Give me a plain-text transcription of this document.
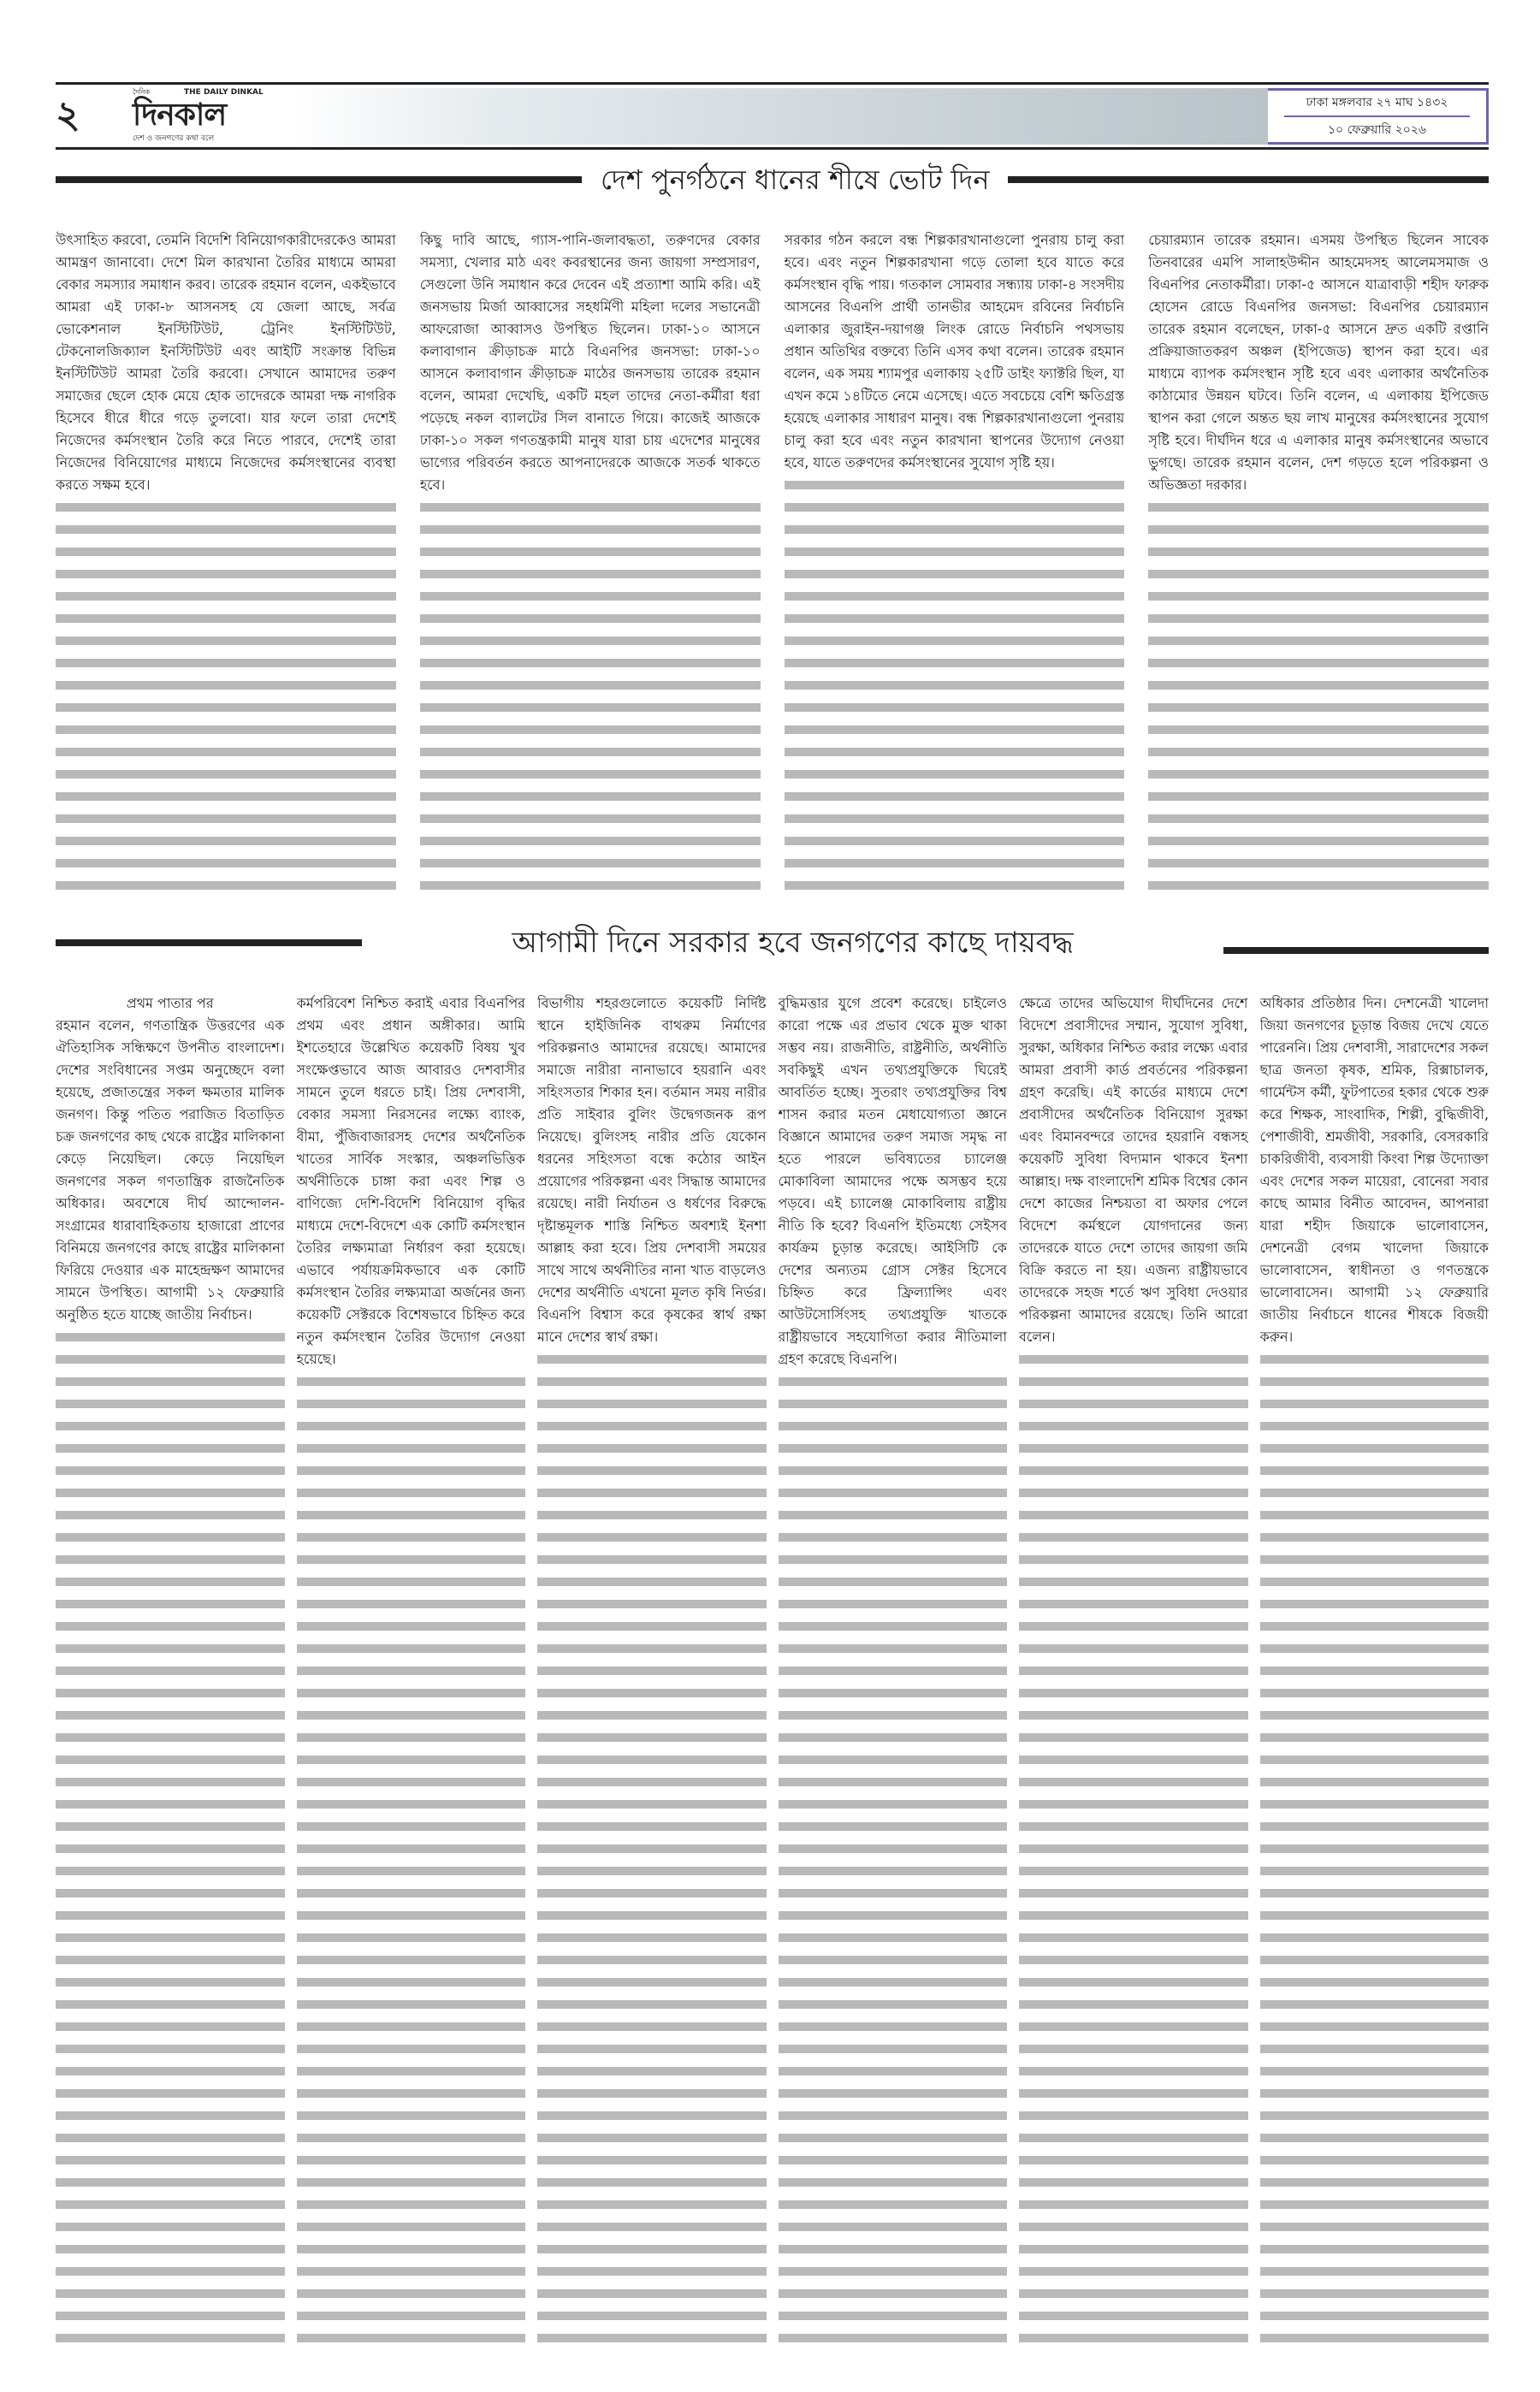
২
দৈনিক	THE DAILY DINKAL
দিনকাল
দেশ ও জনগণের কথা বলে
ঢাকা মঙ্গলবার ২৭ মাঘ ১৪৩২
১০ ফেব্রুয়ারি ২০২৬
দেশ পুনর্গঠনে ধানের শীষে ভোট দিন

উৎসাহিত করবো, তেমনি বিদেশি বিনিয়োগকারীদেরকেও আমরা আমন্ত্রণ জানাবো। দেশে মিল কারখানা তৈরির মাধ্যমে আমরা বেকার সমস্যার সমাধান করব। তারেক রহমান বলেন, একইভাবে আমরা এই ঢাকা-৮ আসনসহ যে জেলা আছে, সর্বত্র ভোকেশনাল ইনস্টিটিউট, ট্রেনিং ইনস্টিটিউট, টেকনোলজিক্যাল ইনস্টিটিউট এবং আইটি সংক্রান্ত বিভিন্ন ইনস্টিটিউট আমরা তৈরি করবো। সেখানে আমাদের তরুণ সমাজের ছেলে হোক মেয়ে হোক তাদেরকে আমরা দক্ষ নাগরিক হিসেবে ধীরে ধীরে গড়ে তুলবো। যার ফলে তারা দেশেই নিজেদের কর্মসংস্থান তৈরি করে নিতে পারবে, দেশেই তারা নিজেদের বিনিয়োগের মাধ্যমে নিজেদের কর্মসংস্থানের ব্যবস্থা করতে সক্ষম হবে।

কিছু দাবি আছে, গ্যাস-পানি-জলাবদ্ধতা, তরুণদের বেকার সমস্যা, খেলার মাঠ এবং কবরস্থানের জন্য জায়গা সম্প্রসারণ, সেগুলো উনি সমাধান করে দেবেন এই প্রত্যাশা আমি করি। এই জনসভায় মির্জা আব্বাসের সহধর্মিণী মহিলা দলের সভানেত্রী আফরোজা আব্বাসও উপস্থিত ছিলেন। ঢাকা-১০ আসনে কলাবাগান ক্রীড়াচক্র মাঠে বিএনপির জনসভা: ঢাকা-১০ আসনে কলাবাগান ক্রীড়াচক্র মাঠের জনসভায় তারেক রহমান বলেন, আমরা দেখেছি, একটি মহল তাদের নেতা-কর্মীরা ধরা পড়েছে নকল ব্যালটের সিল বানাতে গিয়ে। কাজেই আজকে ঢাকা-১০ সকল গণতন্ত্রকামী মানুষ যারা চায় এদেশের মানুষের ভাগ্যের পরিবর্তন করতে আপনাদেরকে আজকে সতর্ক থাকতে হবে।

সরকার গঠন করলে বন্ধ শিল্পকারখানাগুলো পুনরায় চালু করা হবে। এবং নতুন শিল্পকারখানা গড়ে তোলা হবে যাতে করে কর্মসংস্থান বৃদ্ধি পায়। গতকাল সোমবার সন্ধ্যায় ঢাকা-৪ সংসদীয় আসনের বিএনপি প্রার্থী তানভীর আহমেদ রবিনের নির্বাচনি এলাকার জুরাইন-দয়াগঞ্জ লিংক রোডে নির্বাচনি পথসভায় প্রধান অতিথির বক্তব্যে তিনি এসব কথা বলেন। তারেক রহমান বলেন, এক সময় শ্যামপুর এলাকায় ২৫টি ডাইং ফ্যাক্টরি ছিল, যা এখন কমে ১৪টিতে নেমে এসেছে। এতে সবচেয়ে বেশি ক্ষতিগ্রস্ত হয়েছে এলাকার সাধারণ মানুষ। বন্ধ শিল্পকারখানাগুলো পুনরায় চালু করা হবে এবং নতুন কারখানা স্থাপনের উদ্যোগ নেওয়া হবে, যাতে তরুণদের কর্মসংস্থানের সুযোগ সৃষ্টি হয়।

চেয়ারম্যান তারেক রহমান। এসময় উপস্থিত ছিলেন সাবেক তিনবারের এমপি সালাহউদ্দীন আহমেদসহ আলেমসমাজ ও বিএনপির নেতাকর্মীরা। ঢাকা-৫ আসনে যাত্রাবাড়ী শহীদ ফারুক হোসেন রোডে বিএনপির জনসভা: বিএনপির চেয়ারম্যান তারেক রহমান বলেছেন, ঢাকা-৫ আসনে দ্রুত একটি রপ্তানি প্রক্রিয়াজাতকরণ অঞ্চল (ইপিজেড) স্থাপন করা হবে। এর মাধ্যমে ব্যাপক কর্মসংস্থান সৃষ্টি হবে এবং এলাকার অর্থনৈতিক কাঠামোর উন্নয়ন ঘটবে। তিনি বলেন, এ এলাকায় ইপিজেড স্থাপন করা গেলে অন্তত ছয় লাখ মানুষের কর্মসংস্থানের সুযোগ সৃষ্টি হবে। দীর্ঘদিন ধরে এ এলাকার মানুষ কর্মসংস্থানের অভাবে ভুগছে। তারেক রহমান বলেন, দেশ গড়তে হলে পরিকল্পনা ও অভিজ্ঞতা দরকার।

আগামী দিনে সরকার হবে জনগণের কাছে দায়বদ্ধ

প্রথম পাতার পর

রহমান বলেন, গণতান্ত্রিক উত্তরণের এক ঐতিহাসিক সন্ধিক্ষণে উপনীত বাংলাদেশ। দেশের সংবিধানের সপ্তম অনুচ্ছেদে বলা হয়েছে, প্রজাতন্ত্রের সকল ক্ষমতার মালিক জনগণ। কিন্তু পতিত পরাজিত বিতাড়িত চক্র জনগণের কাছ থেকে রাষ্ট্রের মালিকানা কেড়ে নিয়েছিল। কেড়ে নিয়েছিল জনগণের সকল গণতান্ত্রিক রাজনৈতিক অধিকার। অবশেষে দীর্ঘ আন্দোলন-সংগ্রামের ধারাবাহিকতায় হাজারো প্রাণের বিনিময়ে জনগণের কাছে রাষ্ট্রের মালিকানা ফিরিয়ে দেওয়ার এক মাহেন্দ্রক্ষণ আমাদের সামনে উপস্থিত। আগামী ১২ ফেব্রুয়ারি অনুষ্ঠিত হতে যাচ্ছে জাতীয় নির্বাচন।

কর্মপরিবেশ নিশ্চিত করাই এবার বিএনপির প্রথম এবং প্রধান অঙ্গীকার। আমি ইশতেহারে উল্লেখিত কয়েকটি বিষয় খুব সংক্ষেপ্তভাবে আজ আবারও দেশবাসীর সামনে তুলে ধরতে চাই। প্রিয় দেশবাসী, বেকার সমস্যা নিরসনের লক্ষ্যে ব্যাংক, বীমা, পুঁজিবাজারসহ দেশের অর্থনৈতিক খাতের সার্বিক সংস্কার, অঞ্চলভিত্তিক অর্থনীতিকে চাঙ্গা করা এবং শিল্প ও বাণিজ্যে দেশি-বিদেশি বিনিয়োগ বৃদ্ধির মাধ্যমে দেশে-বিদেশে এক কোটি কর্মসংস্থান তৈরির লক্ষ্যমাত্রা নির্ধারণ করা হয়েছে। এভাবে পর্যায়ক্রমিকভাবে এক কোটি কর্মসংস্থান তৈরির লক্ষ্যমাত্রা অর্জনের জন্য কয়েকটি সেক্টরকে বিশেষভাবে চিহ্নিত করে নতুন কর্মসংস্থান তৈরির উদ্যোগ নেওয়া হয়েছে।

বিভাগীয় শহরগুলোতে কয়েকটি নির্দিষ্ট স্থানে হাইজিনিক বাথরুম নির্মাণের পরিকল্পনাও আমাদের রয়েছে। আমাদের সমাজে নারীরা নানাভাবে হয়রানি এবং সহিংসতার শিকার হন। বর্তমান সময় নারীর প্রতি সাইবার বুলিং উদ্বেগজনক রূপ নিয়েছে। বুলিংসহ নারীর প্রতি যেকোন ধরনের সহিংসতা বন্ধে কঠোর আইন প্রয়োগের পরিকল্পনা এবং সিদ্ধান্ত আমাদের রয়েছে। নারী নির্যাতন ও ধর্ষণের বিরুদ্ধে দৃষ্টান্তমূলক শাস্তি নিশ্চিত অবশ্যই ইনশা আল্লাহ করা হবে। প্রিয় দেশবাসী সময়ের সাথে সাথে অর্থনীতির নানা খাত বাড়লেও দেশের অর্থনীতি এখনো মূলত কৃষি নির্ভর। বিএনপি বিশ্বাস করে কৃষকের স্বার্থ রক্ষা মানে দেশের স্বার্থ রক্ষা।

বুদ্ধিমত্তার যুগে প্রবেশ করেছে। চাইলেও কারো পক্ষে এর প্রভাব থেকে মুক্ত থাকা সম্ভব নয়। রাজনীতি, রাষ্ট্রনীতি, অর্থনীতি সবকিছুই এখন তথ্যপ্রযুক্তিকে ঘিরেই আবর্তিত হচ্ছে। সুতরাং তথ্যপ্রযুক্তির বিশ্ব শাসন করার মতন মেধাযোগ্যতা জ্ঞানে বিজ্ঞানে আমাদের তরুণ সমাজ সমৃদ্ধ না হতে পারলে ভবিষ্যতের চ্যালেঞ্জ মোকাবিলা আমাদের পক্ষে অসম্ভব হয়ে পড়বে। এই চ্যালেঞ্জ মোকাবিলায় রাষ্ট্রীয় নীতি কি হবে? বিএনপি ইতিমধ্যে সেইসব কার্যক্রম চূড়ান্ত করেছে। আইসিটি কে দেশের অন্যতম গ্রোস সেক্টর হিসেবে চিহ্নিত করে ফ্রিল্যান্সিং এবং আউটসোর্সিংসহ তথ্যপ্রযুক্তি খাতকে রাষ্ট্রীয়ভাবে সহযোগিতা করার নীতিমালা গ্রহণ করেছে বিএনপি।

ক্ষেত্রে তাদের অভিযোগ দীর্ঘদিনের দেশে বিদেশে প্রবাসীদের সম্মান, সুযোগ সুবিধা, সুরক্ষা, অধিকার নিশ্চিত করার লক্ষ্যে এবার আমরা প্রবাসী কার্ড প্রবর্তনের পরিকল্পনা গ্রহণ করেছি। এই কার্ডের মাধ্যমে দেশে প্রবাসীদের অর্থনৈতিক বিনিয়োগ সুরক্ষা এবং বিমানবন্দরে তাদের হয়রানি বন্ধসহ কয়েকটি সুবিধা বিদ্যমান থাকবে ইনশা আল্লাহ। দক্ষ বাংলাদেশি শ্রমিক বিশ্বের কোন দেশে কাজের নিশ্চয়তা বা অফার পেলে বিদেশে কর্মস্থলে যোগদানের জন্য তাদেরকে যাতে দেশে তাদের জায়গা জমি বিক্রি করতে না হয়। এজন্য রাষ্ট্রীয়ভাবে তাদেরকে সহজ শর্তে ঋণ সুবিধা দেওয়ার পরিকল্পনা আমাদের রয়েছে। তিনি আরো বলেন।

অধিকার প্রতিষ্ঠার দিন। দেশনেত্রী খালেদা জিয়া জনগণের চূড়ান্ত বিজয় দেখে যেতে পারেননি। প্রিয় দেশবাসী, সারাদেশের সকল ছাত্র জনতা কৃষক, শ্রমিক, রিক্সাচালক, গার্মেন্টস কর্মী, ফুটপাতের হকার থেকে শুরু করে শিক্ষক, সাংবাদিক, শিল্পী, বুদ্ধিজীবী, পেশাজীবী, শ্রমজীবী, সরকারি, বেসরকারি চাকরিজীবী, ব্যবসায়ী কিংবা শিল্প উদ্যোক্তা এবং দেশের সকল মায়েরা, বোনেরা সবার কাছে আমার বিনীত আবেদন, আপনারা যারা শহীদ জিয়াকে ভালোবাসেন, দেশনেত্রী বেগম খালেদা জিয়াকে ভালোবাসেন, স্বাধীনতা ও গণতন্ত্রকে ভালোবাসেন। আগামী ১২ ফেব্রুয়ারি জাতীয় নির্বাচনে ধানের শীষকে বিজয়ী করুন।
